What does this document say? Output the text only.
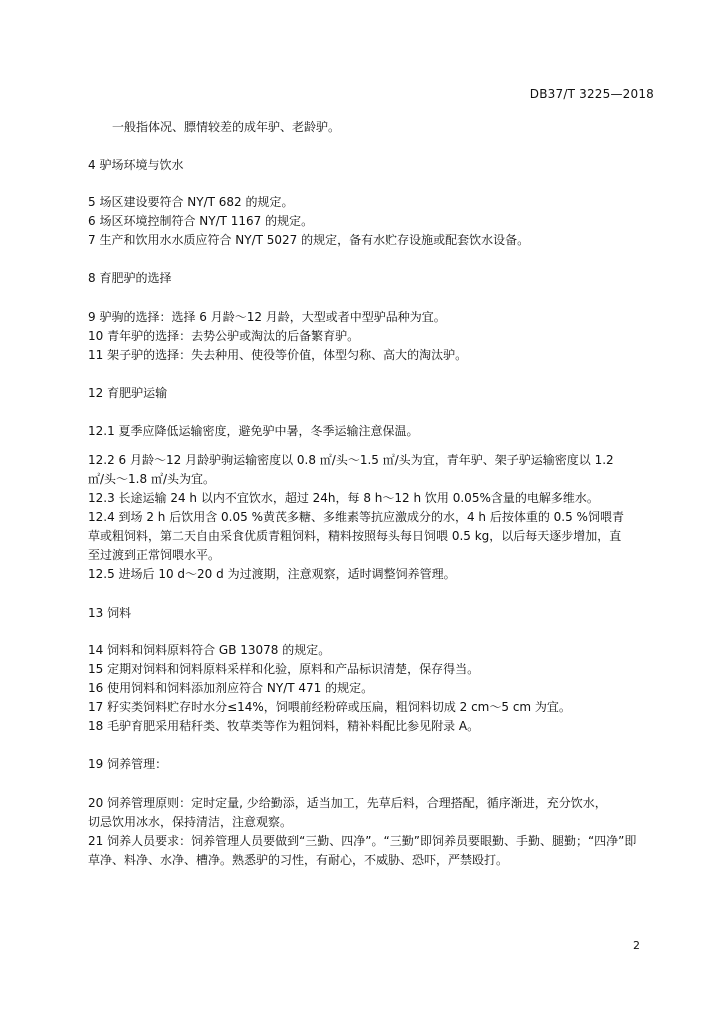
DB37/T 3225—2018
一般指体况、膘情较差的成年驴、老龄驴。
4 驴场环境与饮水
5 场区建设要符合 NY/T 682 的规定。
6 场区环境控制符合 NY/T 1167 的规定。
7 生产和饮用水水质应符合 NY/T 5027 的规定，备有水贮存设施或配套饮水设备。
8 育肥驴的选择
9 驴驹的选择：选择 6 月龄～12 月龄，大型或者中型驴品种为宜。
10 青年驴的选择：去势公驴或淘汰的后备繁育驴。
11 架子驴的选择：失去种用、使役等价值，体型匀称、高大的淘汰驴。
12 育肥驴运输
12.1 夏季应降低运输密度，避免驴中暑，冬季运输注意保温。
12.2 6 月龄～12 月龄驴驹运输密度以 0.8 ㎡/头～1.5 ㎡/头为宜，青年驴、架子驴运输密度以 1.2
㎡/头～1.8 ㎡/头为宜。
12.3 长途运输 24 h 以内不宜饮水，超过 24h，每 8 h～12 h 饮用 0.05%含量的电解多维水。
12.4 到场 2 h 后饮用含 0.05 %黄芪多糖、多维素等抗应激成分的水，4 h 后按体重的 0.5 %饲喂青
草或粗饲料，第二天自由采食优质青粗饲料，精料按照每头每日饲喂 0.5 kg，以后每天逐步增加，直
至过渡到正常饲喂水平。
12.5 进场后 10 d～20 d 为过渡期，注意观察，适时调整饲养管理。
13 饲料
14 饲料和饲料原料符合 GB 13078 的规定。
15 定期对饲料和饲料原料采样和化验，原料和产品标识清楚，保存得当。
16 使用饲料和饲料添加剂应符合 NY/T 471 的规定。
17 籽实类饲料贮存时水分≤14%，饲喂前经粉碎或压扁，粗饲料切成 2 cm～5 cm 为宜。
18 毛驴育肥采用秸秆类、牧草类等作为粗饲料，精补料配比参见附录 A。
19 饲养管理：
20 饲养管理原则：定时定量, 少给勤添，适当加工，先草后料，合理搭配，循序渐进，充分饮水，
切忌饮用冰水，保持清洁，注意观察。
21 饲养人员要求：饲养管理人员要做到“三勤、四净”。“三勤”即饲养员要眼勤、手勤、腿勤；“四净”即
草净、料净、水净、槽净。熟悉驴的习性，有耐心，不威胁、恐吓，严禁殴打。
2
